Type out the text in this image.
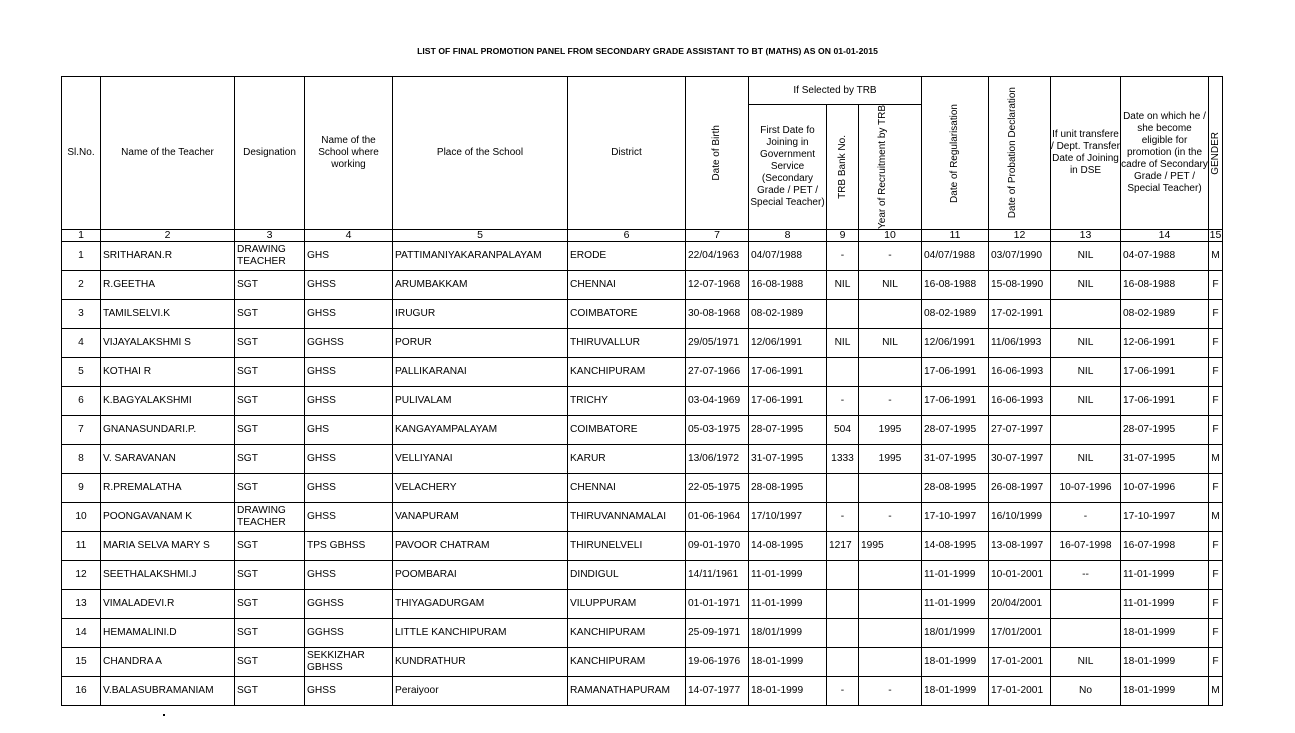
LIST OF FINAL PROMOTION PANEL FROM SECONDARY GRADE ASSISTANT TO BT (MATHS) AS ON 01-01-2015
Sl.No.	Name of the Teacher	Designation	Name of the School where working	Place of the School	District	Date of Birth	If Selected by TRB			Date of Regularisation	Date of Probation Declaration	If unit transfere / Dept. Transfer Date of Joining in DSE	Date on which he / she become eligible for promotion (in the cadre of Secondary Grade / PET / Special Teacher)	GENDER

							First Date fo Joining in Government Service (Secondary Grade / PET / Special Teacher)	TRB Bank No.	Year of Recruitment by TRB					

1	2	3	4	5	6	7	8	9	10	11	12	13	14	15
1	SRITHARAN.R	DRAWING TEACHER	GHS	PATTIMANIYAKARANPALAYAM	ERODE	22/04/1963	04/07/1988	-	-	04/07/1988	03/07/1990	NIL	04-07-1988	M
2	R.GEETHA	SGT	GHSS	ARUMBAKKAM	CHENNAI	12-07-1968	16-08-1988	NIL	NIL	16-08-1988	15-08-1990	NIL	16-08-1988	F
3	TAMILSELVI.K	SGT	GHSS	IRUGUR	COIMBATORE	30-08-1968	08-02-1989			08-02-1989	17-02-1991		08-02-1989	F
4	VIJAYALAKSHMI S	SGT	GGHSS	PORUR	THIRUVALLUR	29/05/1971	12/06/1991	NIL	NIL	12/06/1991	11/06/1993	NIL	12-06-1991	F
5	KOTHAI R	SGT	GHSS	PALLIKARANAI	KANCHIPURAM	27-07-1966	17-06-1991			17-06-1991	16-06-1993	NIL	17-06-1991	F
6	K.BAGYALAKSHMI	SGT	GHSS	PULIVALAM	TRICHY	03-04-1969	17-06-1991	-	-	17-06-1991	16-06-1993	NIL	17-06-1991	F
7	GNANASUNDARI.P.	SGT	GHS	KANGAYAMPALAYAM	COIMBATORE	05-03-1975	28-07-1995	504	1995	28-07-1995	27-07-1997		28-07-1995	F
8	V. SARAVANAN	SGT	GHSS	VELLIYANAI	KARUR	13/06/1972	31-07-1995	1333	1995	31-07-1995	30-07-1997	NIL	31-07-1995	M
9	R.PREMALATHA	SGT	GHSS	VELACHERY	CHENNAI	22-05-1975	28-08-1995			28-08-1995	26-08-1997	10-07-1996	10-07-1996	F
10	POONGAVANAM K	DRAWING TEACHER	GHSS	VANAPURAM	THIRUVANNAMALAI	01-06-1964	17/10/1997	-	-	17-10-1997	16/10/1999	-	17-10-1997	M
11	MARIA SELVA MARY S	SGT	TPS GBHSS	PAVOOR CHATRAM	THIRUNELVELI	09-01-1970	14-08-1995	1217	1995	14-08-1995	13-08-1997	16-07-1998	16-07-1998	F
12	SEETHALAKSHMI.J	SGT	GHSS	POOMBARAI	DINDIGUL	14/11/1961	11-01-1999			11-01-1999	10-01-2001	--	11-01-1999	F
13	VIMALADEVI.R	SGT	GGHSS	THIYAGADURGAM	VILUPPURAM	01-01-1971	11-01-1999			11-01-1999	20/04/2001		11-01-1999	F
14	HEMAMALINI.D	SGT	GGHSS	LITTLE KANCHIPURAM	KANCHIPURAM	25-09-1971	18/01/1999			18/01/1999	17/01/2001		18-01-1999	F
15	CHANDRA A	SGT	SEKKIZHAR GBHSS	KUNDRATHUR	KANCHIPURAM	19-06-1976	18-01-1999			18-01-1999	17-01-2001	NIL	18-01-1999	F
16	V.BALASUBRAMANIAM	SGT	GHSS	Peraiyoor	RAMANATHAPURAM	14-07-1977	18-01-1999	-	-	18-01-1999	17-01-2001	No	18-01-1999	M
